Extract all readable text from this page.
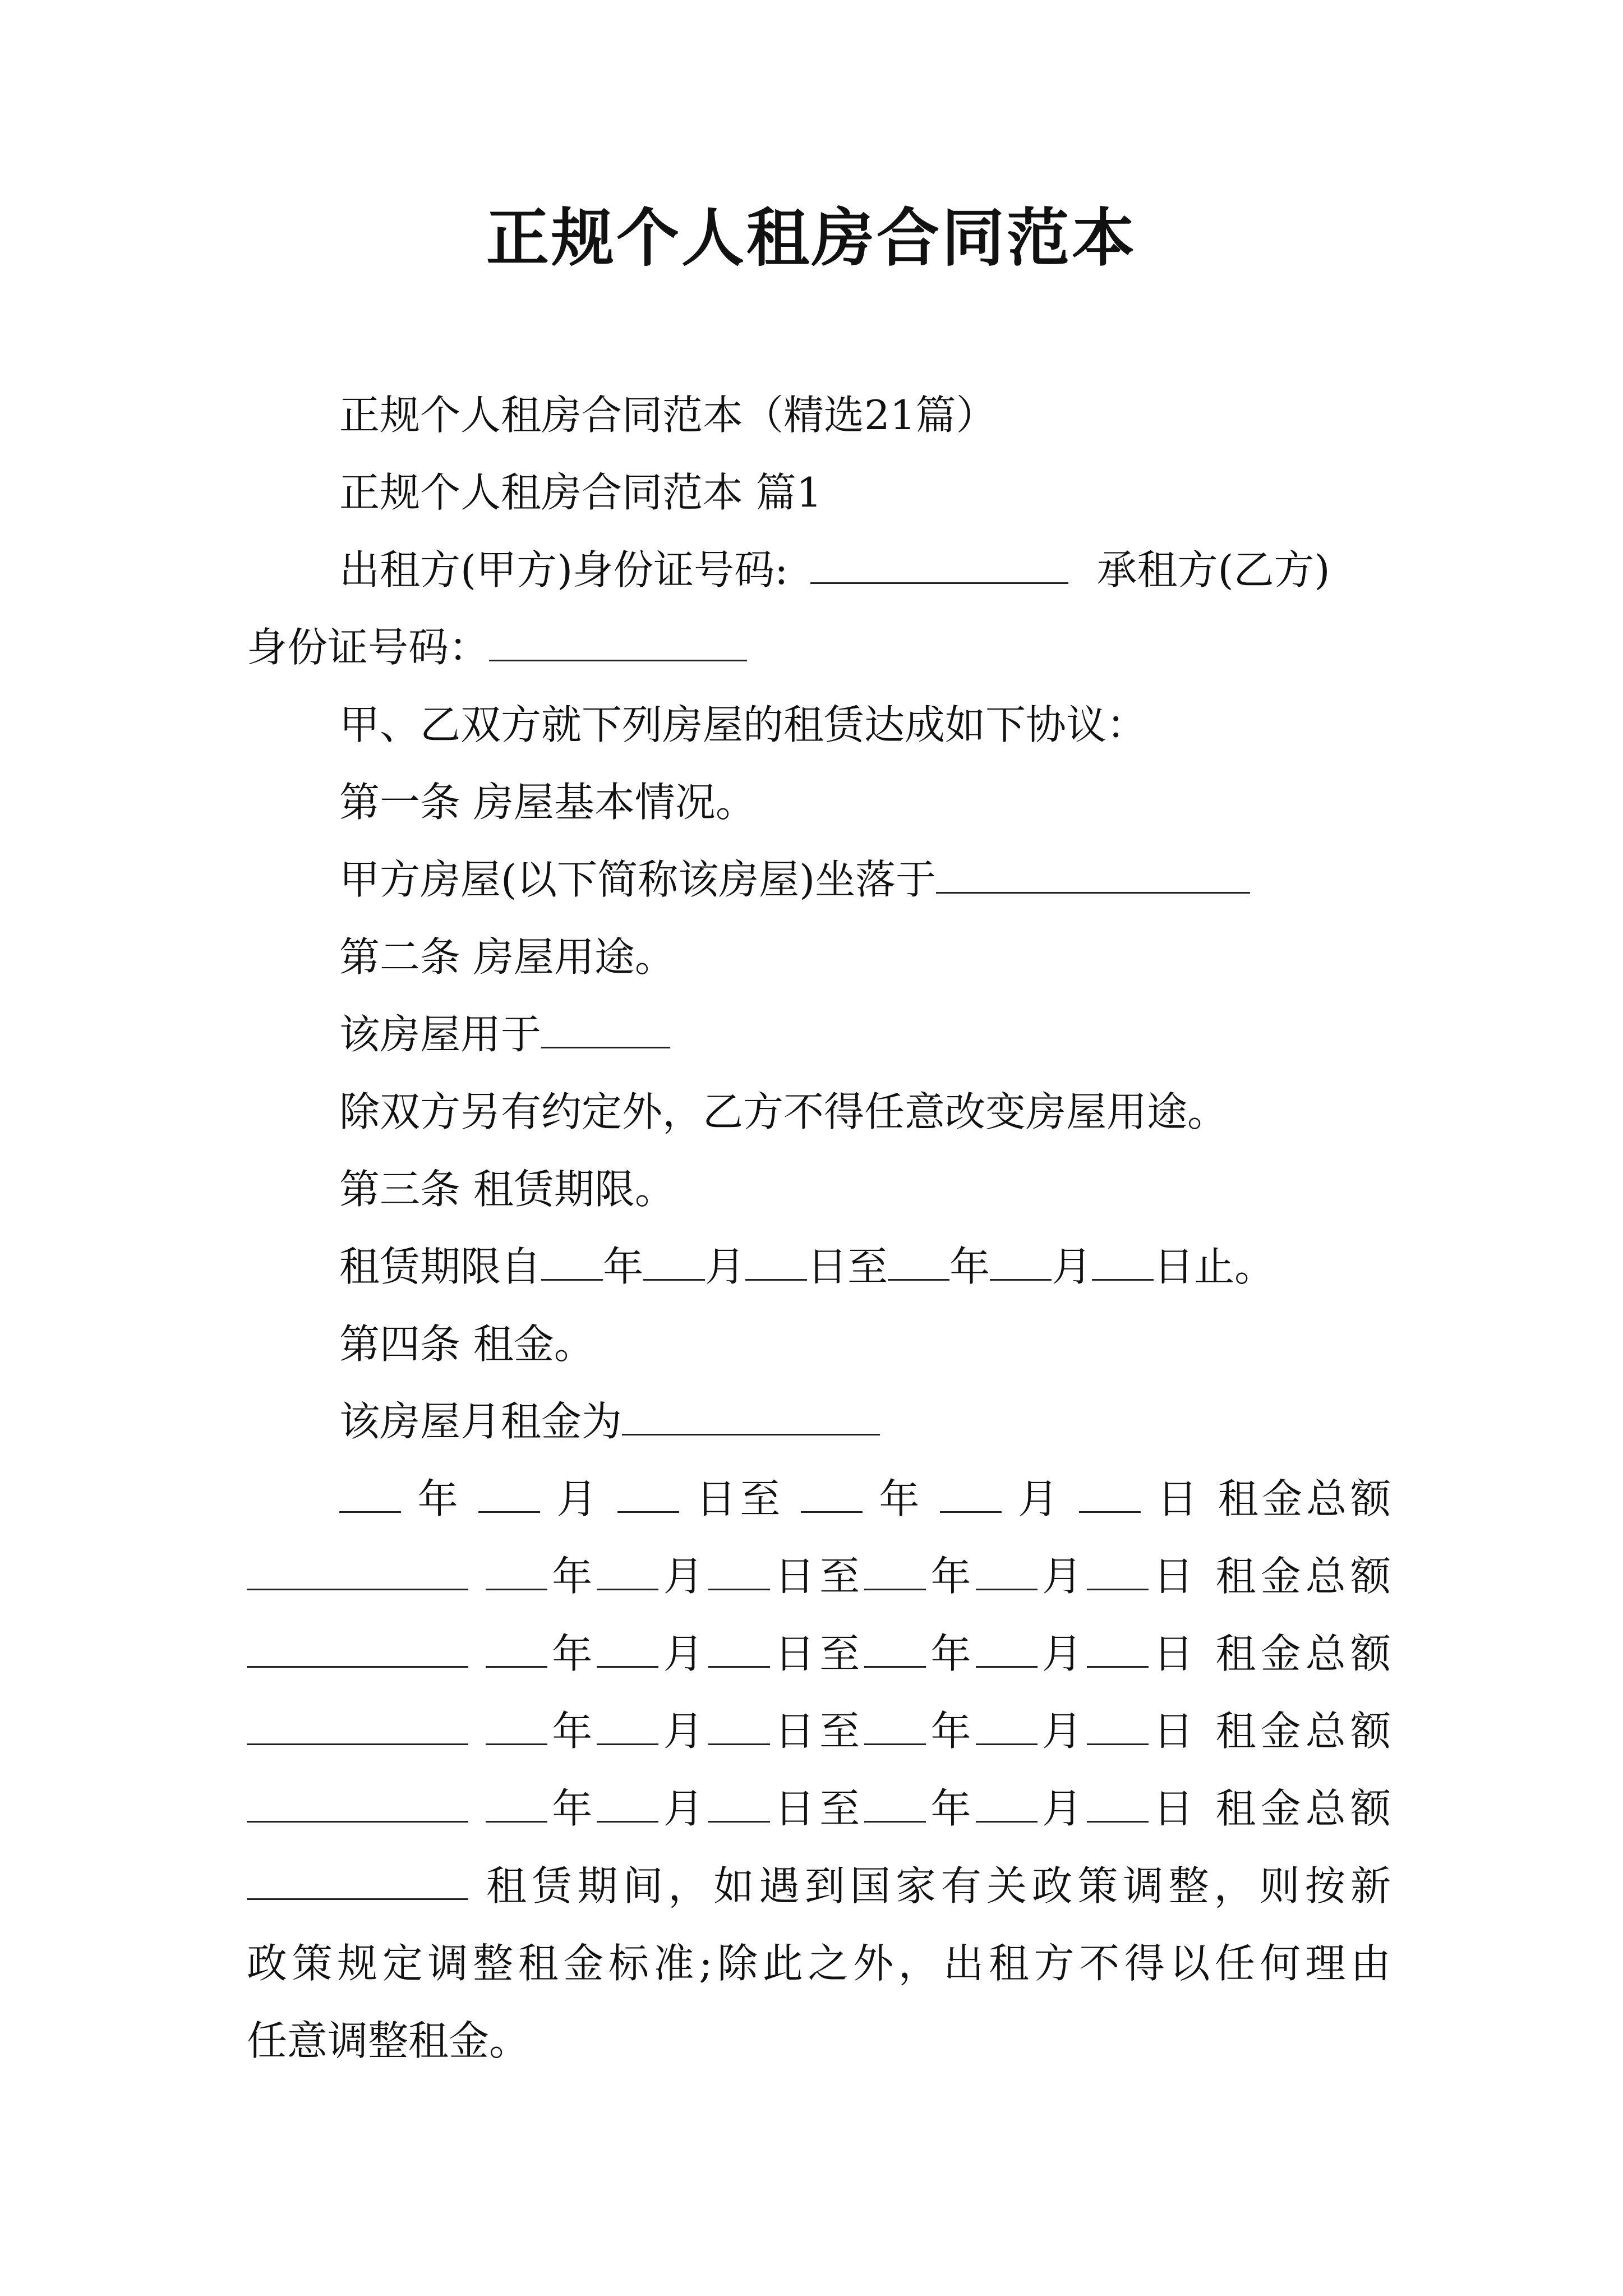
正规个人租房合同范本
正规个人租房合同范本（精选21篇）
正规个人租房合同范本 篇1
出租方(甲方)身份证号码:	承租方(乙方)
身份证号码：
甲、乙双方就下列房屋的租赁达成如下协议：
第一条 房屋基本情况。
甲方房屋(以下简称该房屋)坐落于
第二条 房屋用途。
该房屋用于
除双方另有约定外，乙方不得任意改变房屋用途。
第三条 租赁期限。
租赁期限自 年 月 日至 年 月 日止。
第四条 租金。
该房屋月租金为
年 月 日至 年 月 日 租金总额
年 月 日至 年 月 日 租金总额
年 月 日至 年 月 日 租金总额
年 月 日至 年 月 日 租金总额
年 月 日至 年 月 日 租金总额
租赁期间，如遇到国家有关政策调整，则按新
政策规定调整租金标准;除此之外，出租方不得以任何理由
任意调整租金。
